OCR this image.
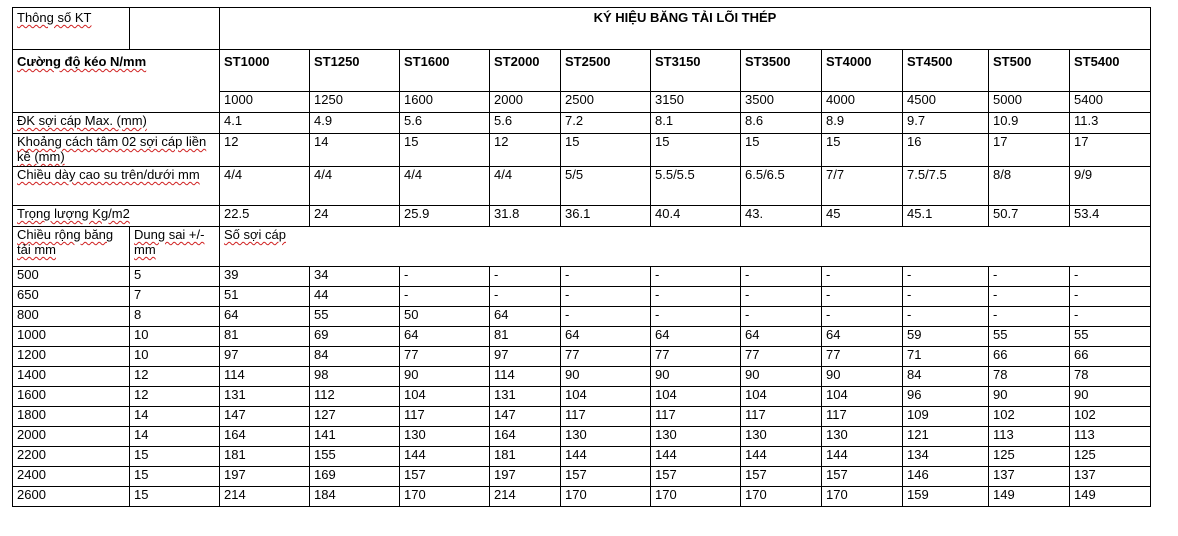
Thông số KT		KÝ HIỆU BĂNG TẢI LÕI THÉP										
Cường độ kéo N/mm		ST1000	ST1250	ST1600	ST2000	ST2500	ST3150	ST3500	ST4000	ST4500	ST500	ST5400
		1000	1250	1600	2000	2500	3150	3500	4000	4500	5000	5400
ĐK sợi cáp Max. (mm)		4.1	4.9	5.6	5.6	7.2	8.1	8.6	8.9	9.7	10.9	11.3
Khoảng cách tâm 02 sợi cáp liền kề (mm)		12	14	15	12	15	15	15	15	16	17	17
Chiều dày cao su trên/dưới mm		4/4	4/4	4/4	4/4	5/5	5.5/5.5	6.5/6.5	7/7	7.5/7.5	8/8	9/9
Trọng lượng Kg/m2		22.5	24	25.9	31.8	36.1	40.4	43.	45	45.1	50.7	53.4
Chiều rộng băng tải mm	Dung sai +/-mm	Số sợi cáp										
500	5	39	34	-	-	-	-	-	-	-	-	-
650	7	51	44	-	-	-	-	-	-	-	-	-
800	8	64	55	50	64	-	-	-	-	-	-	-
1000	10	81	69	64	81	64	64	64	64	59	55	55
1200	10	97	84	77	97	77	77	77	77	71	66	66
1400	12	114	98	90	114	90	90	90	90	84	78	78
1600	12	131	112	104	131	104	104	104	104	96	90	90
1800	14	147	127	117	147	117	117	117	117	109	102	102
2000	14	164	141	130	164	130	130	130	130	121	113	113
2200	15	181	155	144	181	144	144	144	144	134	125	125
2400	15	197	169	157	197	157	157	157	157	146	137	137
2600	15	214	184	170	214	170	170	170	170	159	149	149
